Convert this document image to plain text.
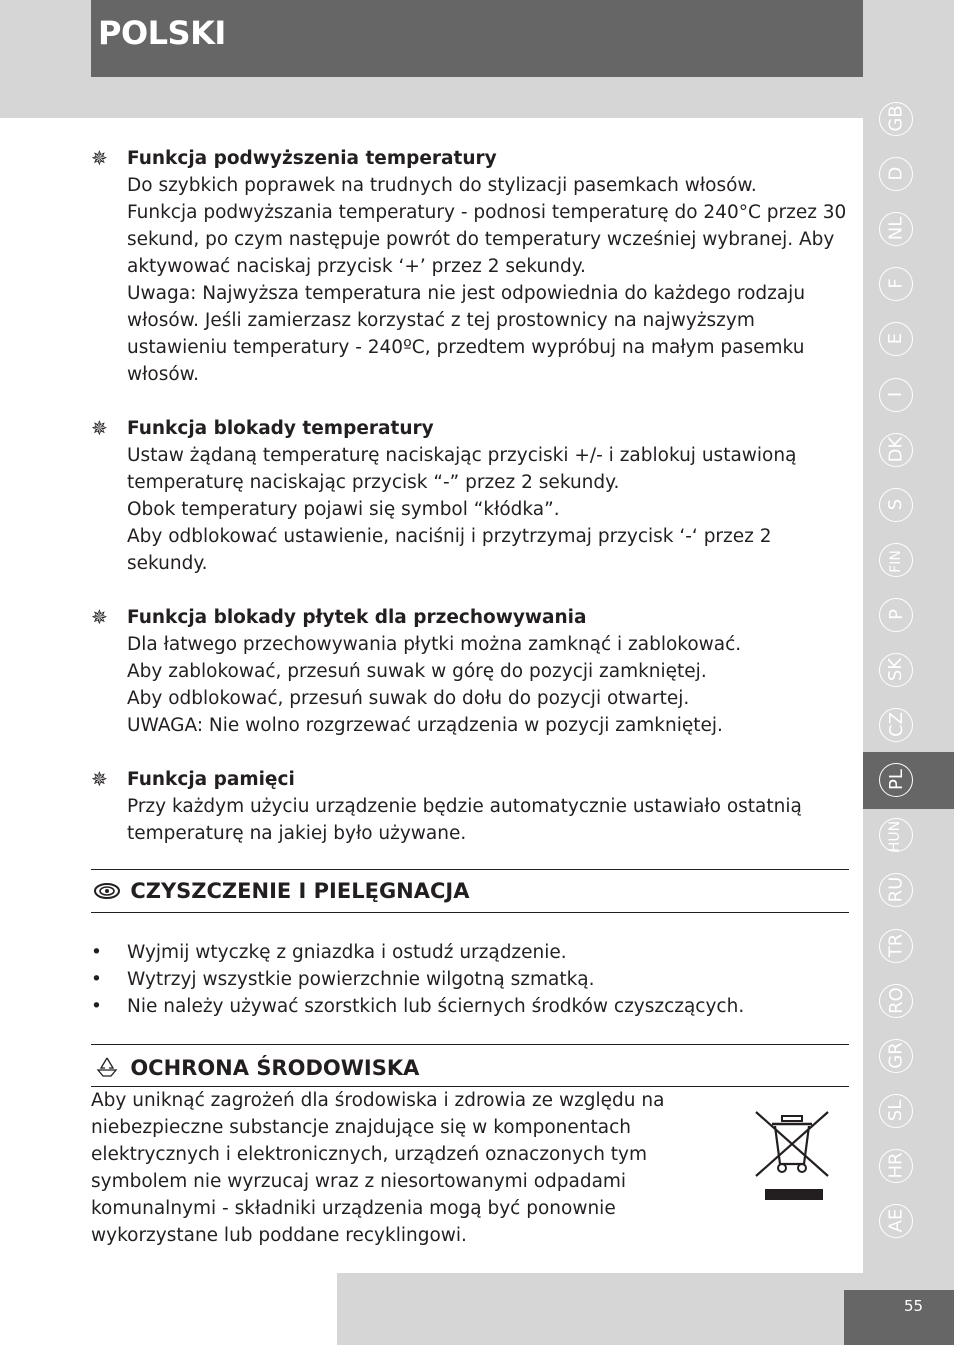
POLSKI
✵ Funkcja podwyższenia temperatury

Do szybkich poprawek na trudnych do stylizacji pasemkach włosów.

Funkcja podwyższania temperatury - podnosi temperaturę do 240°C przez 30 sekund, po czym następuje powrót do temperatury wcześniej wybranej. Aby aktywować naciskaj przycisk ‘+’ przez 2 sekundy.

Uwaga: Najwyższa temperatura nie jest odpowiednia do każdego rodzaju włosów. Jeśli zamierzasz korzystać z tej prostownicy na najwyższym ustawieniu temperatury - 240ºC, przedtem wypróbuj na małym pasemku włosów.

✵ Funkcja blokady temperatury

Ustaw żądaną temperaturę naciskając przyciski +/- i zablokuj ustawioną temperaturę naciskając przycisk “-” przez 2 sekundy.

Obok temperatury pojawi się symbol “kłódka”.

Aby odblokować ustawienie, naciśnij i przytrzymaj przycisk ‘-‘ przez 2 sekundy.

✵ Funkcja blokady płytek dla przechowywania

Dla łatwego przechowywania płytki można zamknąć i zablokować.

Aby zablokować, przesuń suwak w górę do pozycji zamkniętej.

Aby odblokować, przesuń suwak do dołu do pozycji otwartej.

UWAGA: Nie wolno rozgrzewać urządzenia w pozycji zamkniętej.

✵ Funkcja pamięci

Przy każdym użyciu urządzenie będzie automatycznie ustawiało ostatnią temperaturę na jakiej było używane.

CZYSZCZENIE I PIELĘGNACJA
• Wyjmij wtyczkę z gniazdka i ostudź urządzenie.
• Wytrzyj wszystkie powierzchnie wilgotną szmatką.
• Nie należy używać szorstkich lub ściernych środków czyszczących.
OCHRONA ŚRODOWISKA
Aby uniknąć zagrożeń dla środowiska i zdrowia ze względu na niebezpieczne substancje znajdujące się w komponentach elektrycznych i elektronicznych, urządzeń oznaczonych tym symbolem nie wyrzucaj wraz z niesortowanymi odpadami komunalnymi - składniki urządzenia mogą być ponownie wykorzystane lub poddane recyklingowi.
GB
D
NL
F
E
I
DK
S
FIN
P
SK
CZ
PL
HUN
RU
TR
RO
GR
SL
HR
AE
55
